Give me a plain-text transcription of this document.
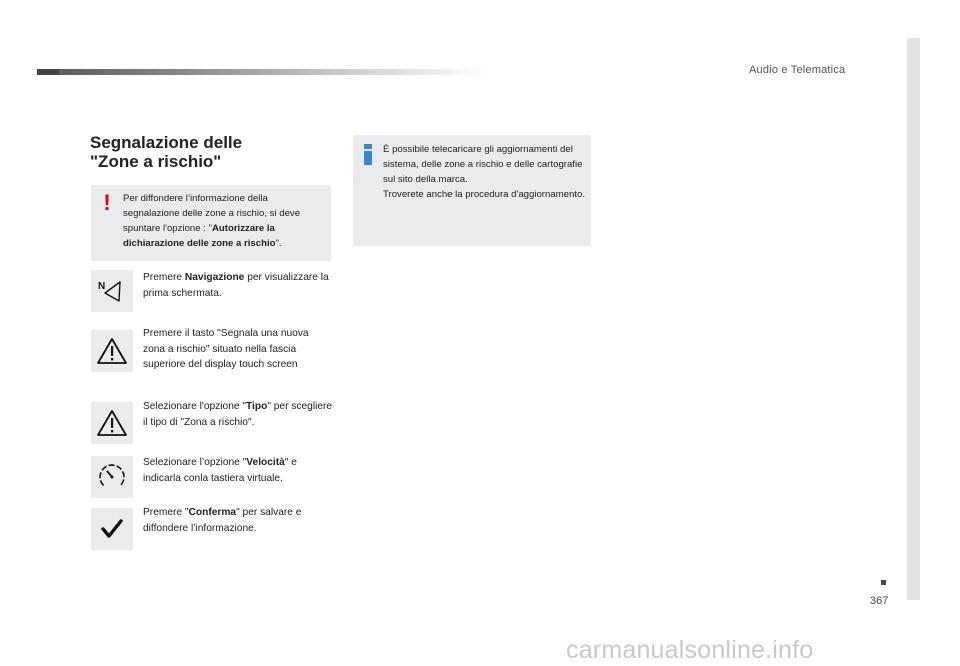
Audio e Telematica
367
Segnalazione delle
"Zone a rischio"
! Per diffondere l’informazione della segnalazione delle zone a rischio, si deve spuntare l'opzione : "Autorizzare la dichiarazione delle zone a rischio".
È possibile telecaricare gli aggiornamenti del sistema, delle zone a rischio e delle cartografie sul sito della marca.
Troverete anche la procedura d'aggiornamento.
N
Premere Navigazione per visualizzare la prima schermata.
Premere il tasto "Segnala una nuova zona a rischio" situato nella fascia superiore del display touch screen
Selezionare l'opzione "Tipo" per scegliere il tipo di "Zona a rischio".
Selezionare l’opzione "Velocità" e indicarla conla tastiera virtuale.
Premere "Conferma" per salvare e diffondere l’informazione.
carmanualsonline.info
